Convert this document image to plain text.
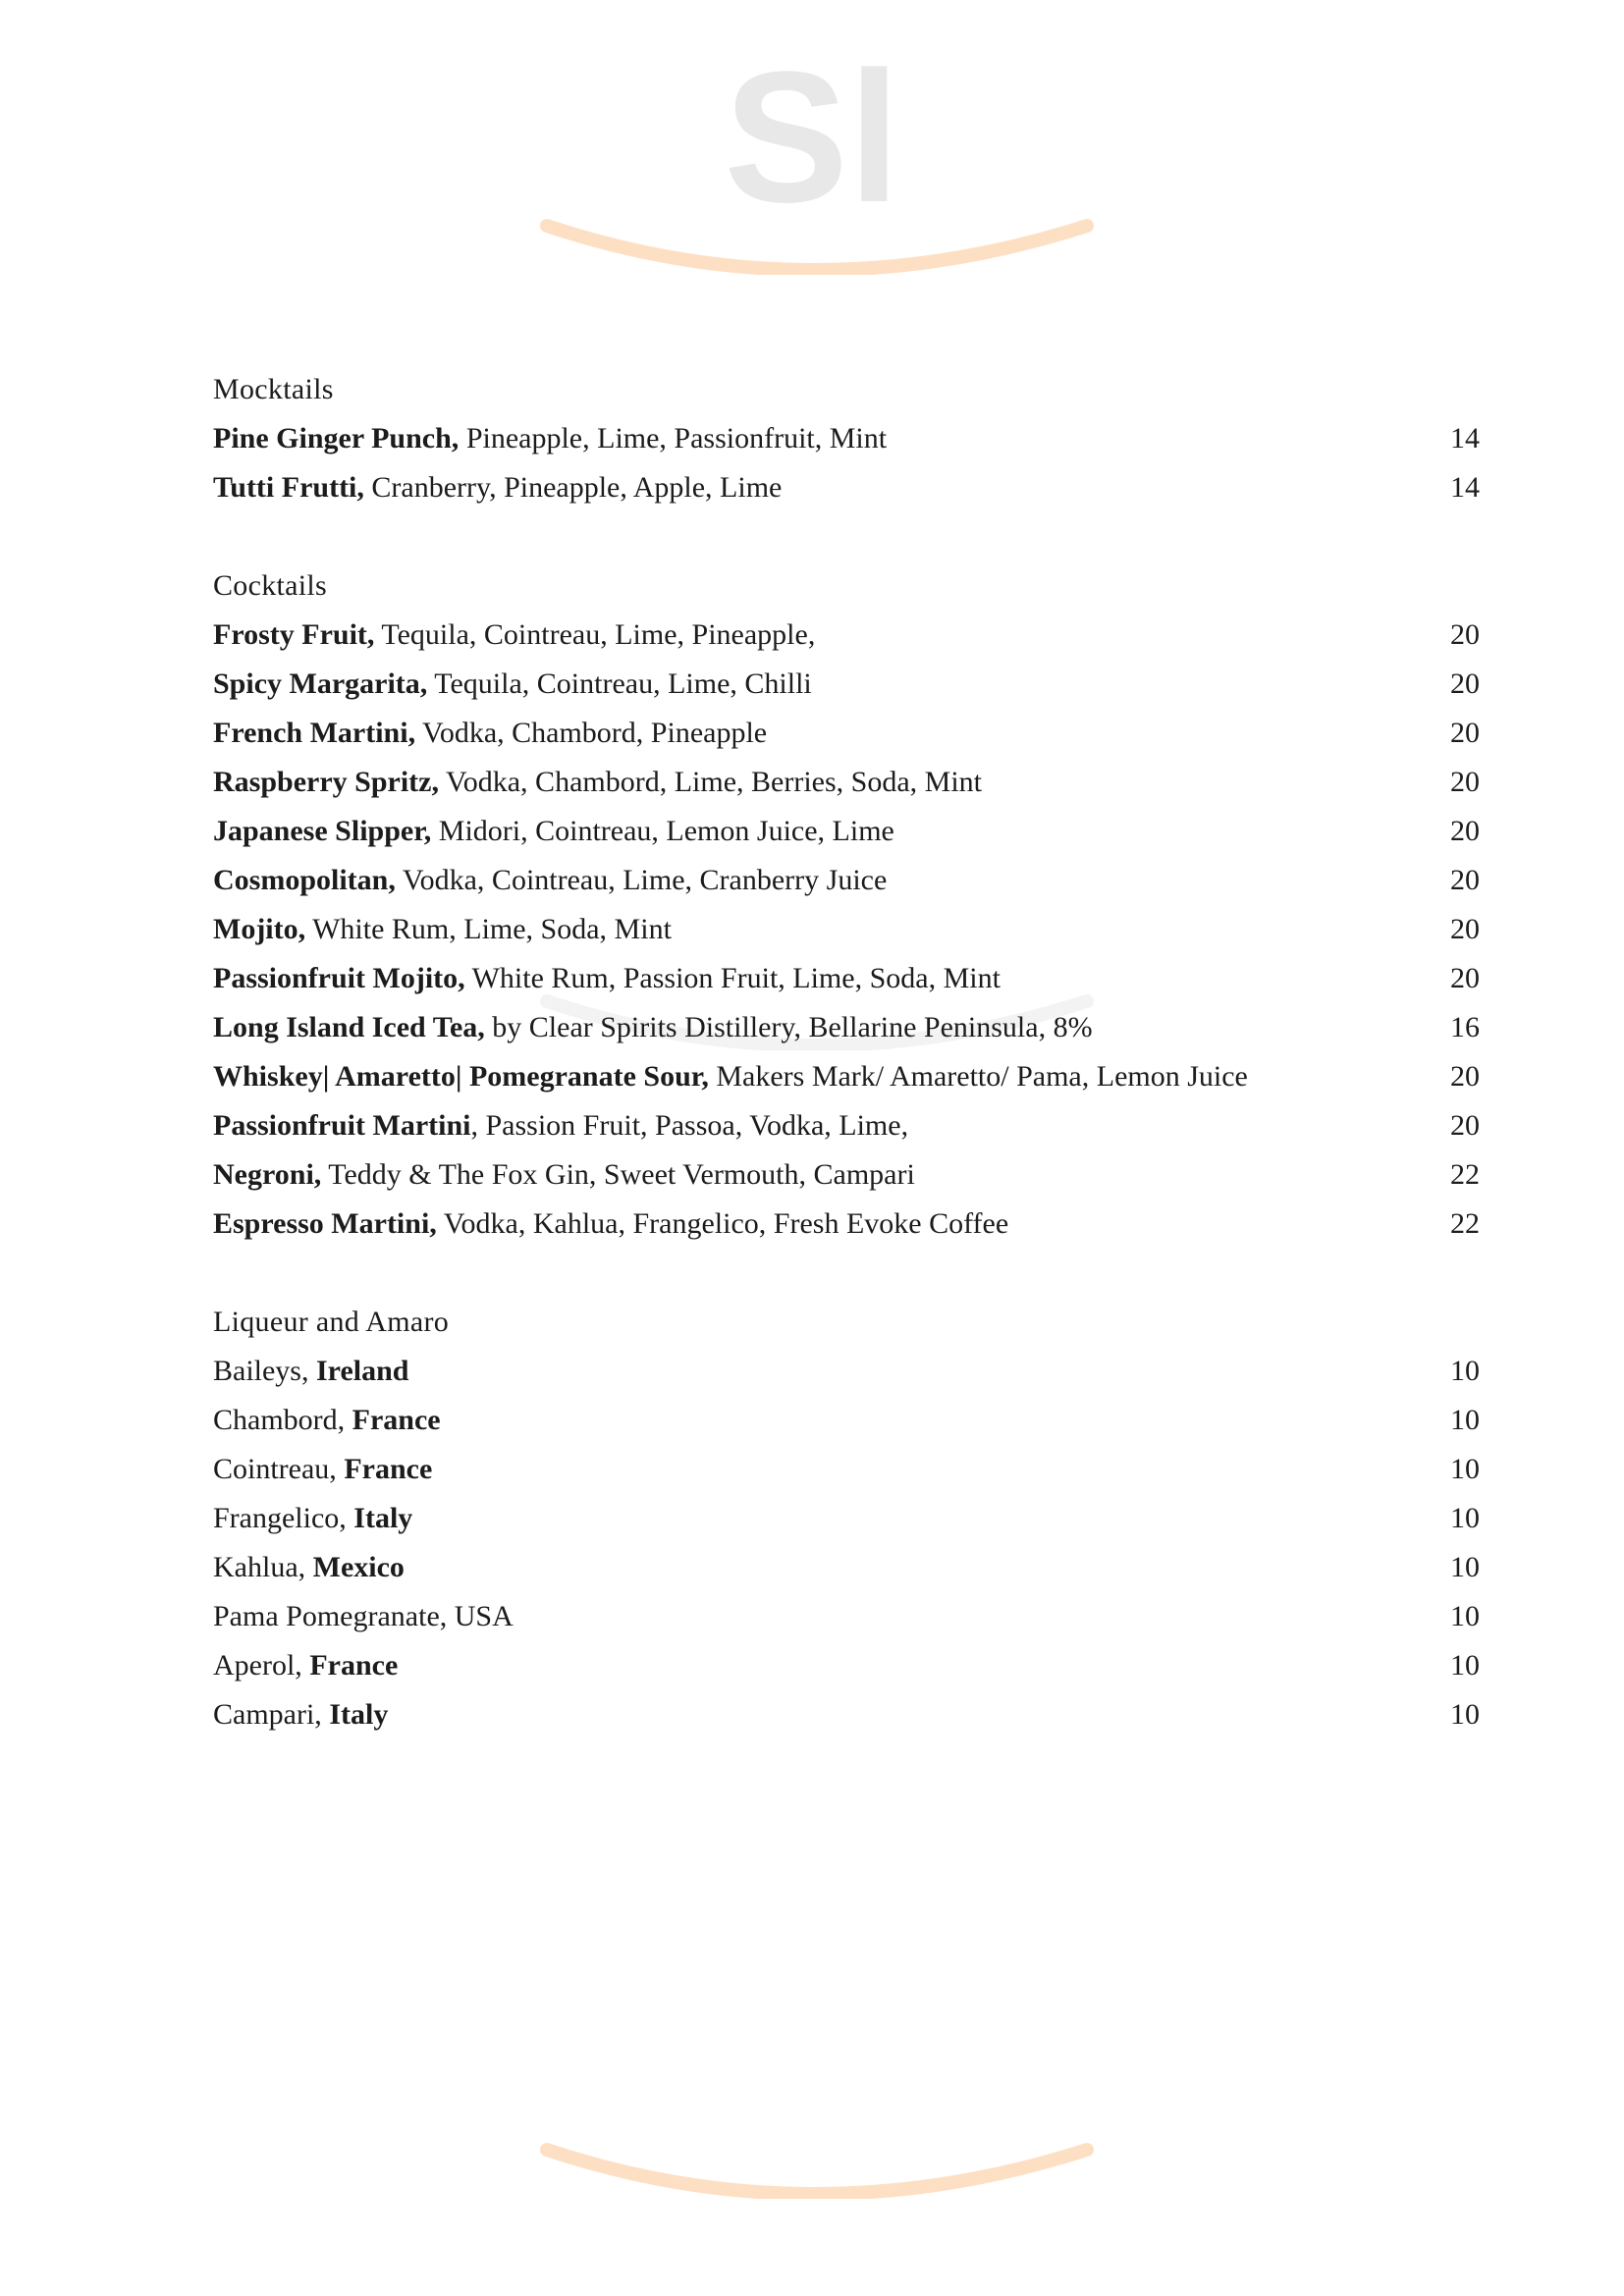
Sl
Mocktails
Pine Ginger Punch, Pineapple, Lime, Passionfruit, Mint	14
Tutti Frutti, Cranberry, Pineapple, Apple, Lime	14
Cocktails
Frosty Fruit, Tequila, Cointreau, Lime, Pineapple,	20
Spicy Margarita, Tequila, Cointreau, Lime, Chilli	20
French Martini, Vodka, Chambord, Pineapple	20
Raspberry Spritz, Vodka, Chambord, Lime, Berries, Soda, Mint	20
Japanese Slipper, Midori, Cointreau, Lemon Juice, Lime	20
Cosmopolitan, Vodka, Cointreau, Lime, Cranberry Juice	20
Mojito, White Rum, Lime, Soda, Mint	20
Passionfruit Mojito, White Rum, Passion Fruit, Lime, Soda, Mint	20
Long Island Iced Tea, by Clear Spirits Distillery, Bellarine Peninsula, 8%	16
Whiskey| Amaretto| Pomegranate Sour, Makers Mark/ Amaretto/ Pama, Lemon Juice	20
Passionfruit Martini, Passion Fruit, Passoa, Vodka, Lime,	20
Negroni, Teddy & The Fox Gin, Sweet Vermouth, Campari	22
Espresso Martini, Vodka, Kahlua, Frangelico, Fresh Evoke Coffee	22
Liqueur and Amaro
Baileys, Ireland	10
Chambord, France	10
Cointreau, France	10
Frangelico, Italy	10
Kahlua, Mexico	10
Pama Pomegranate, USA	10
Aperol, France	10
Campari, Italy	10
